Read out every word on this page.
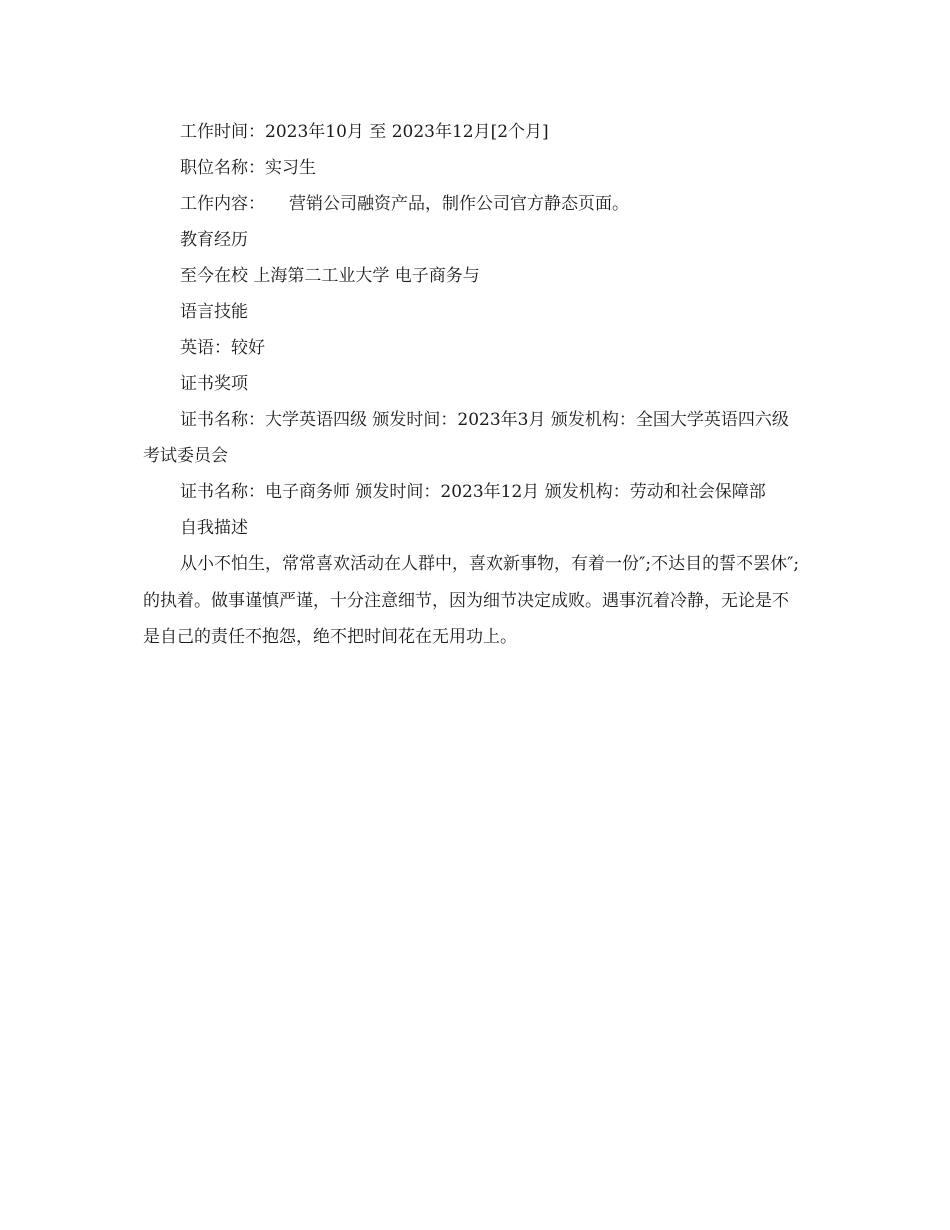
工作时间：2023年10月 至 2023年12月[2个月]

职位名称：实习生

工作内容： 营销公司融资产品，制作公司官方静态页面。

教育经历

至今在校 上海第二工业大学 电子商务与

语言技能

英语：较好

证书奖项

证书名称：大学英语四级 颁发时间：2023年3月 颁发机构：全国大学英语四六级考试委员会

证书名称：电子商务师 颁发时间：2023年12月 颁发机构：劳动和社会保障部

自我描述

从小不怕生，常常喜欢活动在人群中，喜欢新事物，有着一份″;不达目的誓不罢休″;的执着。做事谨慎严谨，十分注意细节，因为细节决定成败。遇事沉着冷静，无论是不是自己的责任不抱怨，绝不把时间花在无用功上。
